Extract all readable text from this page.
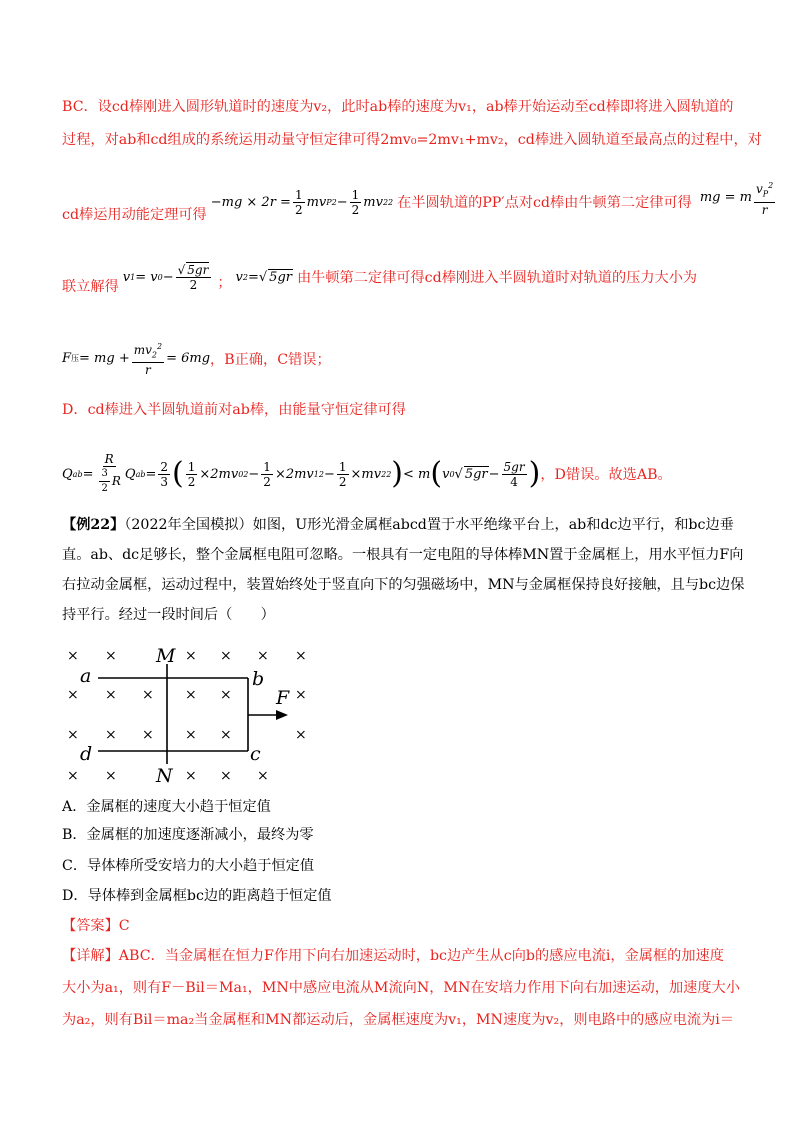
BC．设cd棒刚进入圆形轨道时的速度为v₂，此时ab棒的速度为v₁，ab棒开始运动至cd棒即将进入圆轨道的
过程，对ab和cd组成的系统运用动量守恒定律可得2mv₀=2mv₁+mv₂，cd棒进入圆轨道至最高点的过程中，对
cd棒运用动能定理可得
$-mg \times 2r = \frac{1}{2}$ mv P $2 - \frac{1}{2}$ mv 2 2 在半圆轨道的PP′点对cd棒由牛顿第二定律可得 mg = m $\frac{v_P^2}{r}$
联立解得
v 1 = v $0 - \frac{√ 5gr}{2}$ ； v 2 = √ 5gr 由牛顿第二定律可得cd棒刚进入半圆轨道时对轨道的压力大小为
F 压 = mg + $\frac{mv_2^2}{r} = 6mg$ ，B正确，C错误；
D．cd棒进入半圆轨道前对ab棒，由能量守恒定律可得
Q ab = $\frac{R}{\frac{3}{2} R}$ Q ab = $\frac{2}{3}$ ( $\frac{1}{2} \times 2mv$ 0 $2 - \frac{1}{2} \times 2mv$ 1 $2 - \frac{1}{2} \times mv$ 2 2 ) < m ( v 0 √ $5gr - \frac{5gr}{4}$ ) ，D错误。故选AB。
【例22】（2022年全国模拟）如图，U形光滑金属框abcd置于水平绝缘平台上，ab和dc边平行，和bc边垂
直。ab、dc足够长，整个金属框电阻可忽略。一根具有一定电阻的导体棒MN置于金属框上，用水平恒力F向
右拉动金属框，运动过程中，装置始终处于竖直向下的匀强磁场中，MN与金属框保持良好接触，且与bc边保
持平行。经过一段时间后（　　）
× ×	× × × ×
× × × × ×	×
× × × × ×	×
× ×	× × ×
M
N
a	b
c
d
F
A．金属框的速度大小趋于恒定值
B．金属框的加速度逐渐减小，最终为零
C．导体棒所受安培力的大小趋于恒定值
D．导体棒到金属框bc边的距离趋于恒定值
【答案】C
【详解】ABC．当金属框在恒力F作用下向右加速运动时，bc边产生从c向b的感应电流i，金属框的加速度
大小为a₁，则有F－Bil＝Ma₁，MN中感应电流从M流向N，MN在安培力作用下向右加速运动，加速度大小
为a₂，则有Bil＝ma₂当金属框和MN都运动后，金属框速度为v₁，MN速度为v₂，则电路中的感应电流为i＝
